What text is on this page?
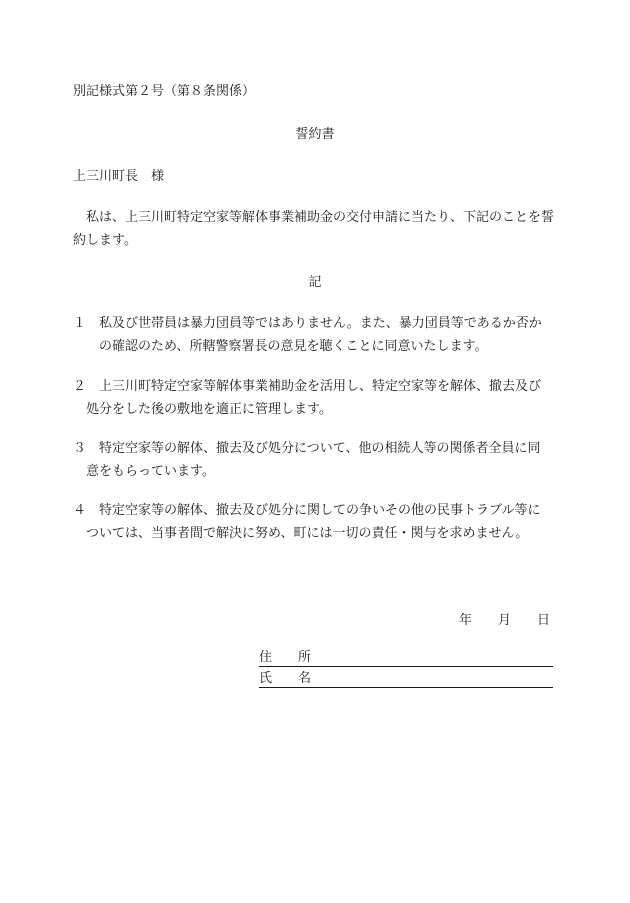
別記様式第２号（第８条関係）
誓約書
上三川町長　様
私は、上三川町特定空家等解体事業補助金の交付申請に当たり、下記のことを誓約します。
記
１ 私及び世帯員は暴力団員等ではありません。また、暴力団員等であるか否か
の確認のため、所轄警察署長の意見を聴くことに同意いたします。
２ 上三川町特定空家等解体事業補助金を活用し、特定空家等を解体、撤去及び
処分をした後の敷地を適正に管理します。
３ 特定空家等の解体、撤去及び処分について、他の相続人等の関係者全員に同
意をもらっています。
４ 特定空家等の解体、撤去及び処分に関しての争いその他の民事トラブル等に
ついては、当事者間で解決に努め、町には一切の責任・関与を求めません。
年 月 日
住 所
氏 名
